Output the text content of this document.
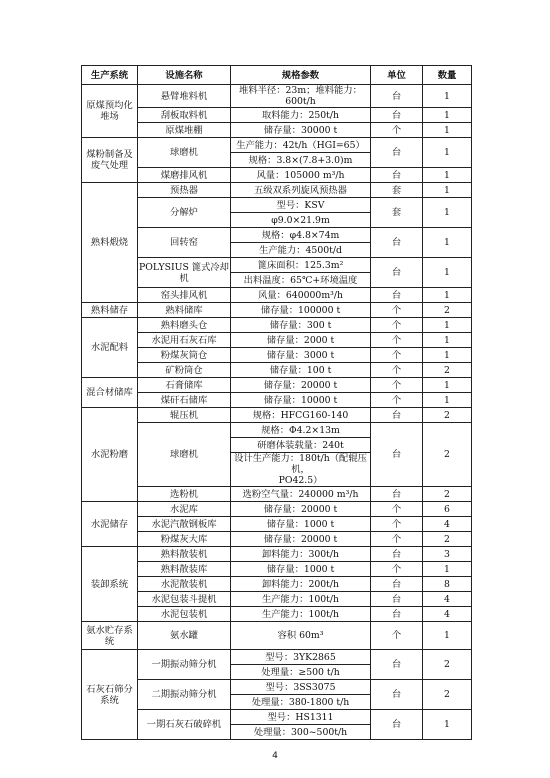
生产系统	设施名称	规格参数	单位	数量
原煤预均化堆场	悬臂堆料机	堆料半径：23m；堆料能力：600t/h	台	1
	刮板取料机	取料能力：250t/h	台	1
	原煤堆棚	储存量：30000 t	个	1
煤粉制备及废气处理	球磨机	生产能力：42t/h（HGI=65）	台	1

		规格：3.8×(7.8+3.0)m		

	煤磨排风机	风量：105000 m³/h	台	1
熟料煅烧	预热器	五级双系列旋风预热器	套	1
	分解炉	型号：KSV	套	1

		φ9.0×21.9m		

	回转窑	规格：φ4.8×74m	台	1

		生产能力：4500t/d		

	POLYSIUS 篦式冷却机	篦床面积：125.3m²	台	1

		出料温度：65℃+环境温度		

	窑头排风机	风量：640000m³/h	台	1
熟料储存	熟料储库	储存量：100000 t	个	2
水泥配料	熟料磨头仓	储存量：300 t	个	1
	水泥用石灰石库	储存量：2000 t	个	1
	粉煤灰筒仓	储存量：3000 t	个	1
	矿粉筒仓	储存量：100 t	个	2
混合材储库	石膏储库	储存量：20000 t	个	1
	煤矸石储库	储存量：10000 t	个	1
水泥粉磨	辊压机	规格：HFCG160-140	台	2
	球磨机	规格：Φ4.2×13m	台	2

		研磨体装载量：240t		

		设计生产能力：180t/h（配辊压机，
PO42.5）		

	选粉机	选粉空气量：240000 m³/h	台	2
水泥储存	水泥库	储存量：20000 t	个	6
	水泥汽散钢板库	储存量：1000 t	个	4
	粉煤灰大库	储存量：20000 t	个	2
装卸系统	熟料散装机	卸料能力：300t/h	台	3
	熟料散装库	储存量：1000 t	个	1
	水泥散装机	卸料能力：200t/h	台	8
	水泥包装斗提机	生产能力：100t/h	台	4
	水泥包装机	生产能力：100t/h	台	4
氨水贮存系统	氨水罐	容积 60m³	个	1
石灰石筛分系统	一期振动筛分机	型号：3YK2865	台	2

		处理量：≥500 t/h		

	二期振动筛分机	型号：3SS3075	台	2

		处理量：380-1800 t/h		

	一期石灰石破碎机	型号：HS1311	台	1

		处理量：300~500t/h		
4
